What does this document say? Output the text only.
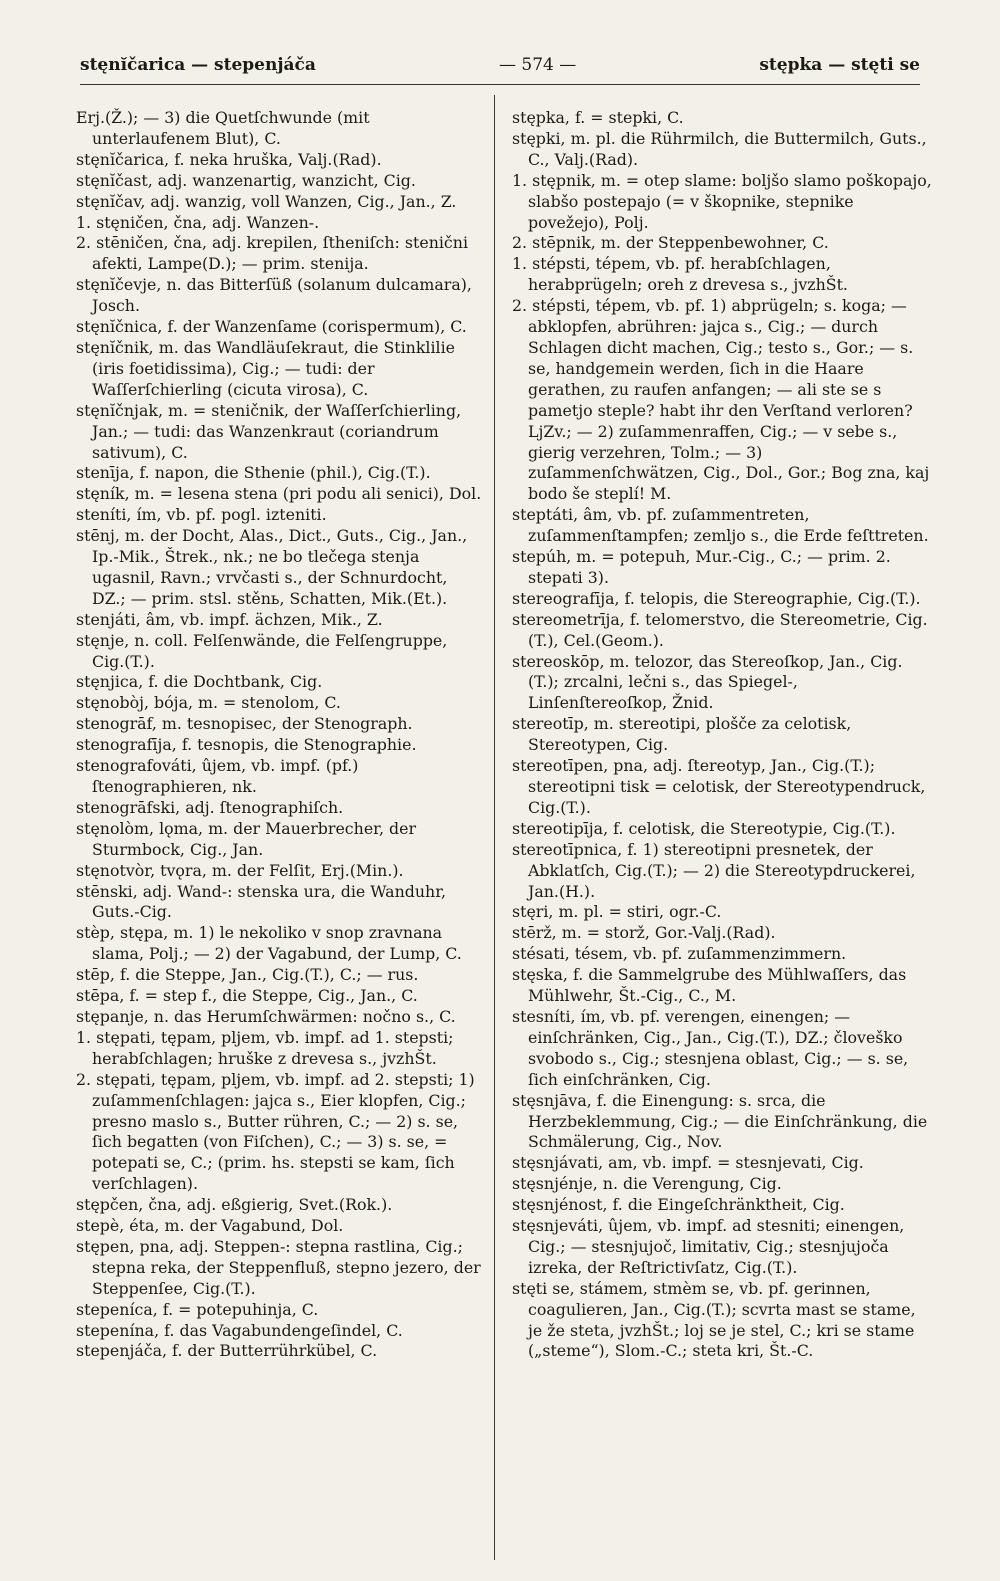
stęnĭčarica — stepenjáča	— 574 —	stępka — stęti se

Erj.(Ž.); — 3) die Quetſchwunde (mit unterlaufenem Blut), C.

stęnĭčarica, f. neka hruška, Valj.(Rad).

stęnĭčast, adj. wanzenartig, wanzicht, Cig.

stęnĭčav, adj. wanzig, voll Wanzen, Cig., Jan., Z.

1. stęničen, čna, adj. Wanzen-.

2. stēničen, čna, adj. krepilen, ſtheniſch: stenični afekti, Lampe(D.); — prim. stenija.

stęnĭčevje, n. das Bitterſüß (solanum dulcamara), Josch.

stęnĭčnica, f. der Wanzenſame (corispermum), C.

stęnĭčnik, m. das Wandläuſekraut, die Stinklilie (iris foetidissima), Cig.; — tudi: der Waſſerſchierling (cicuta virosa), C.

stęnĭčnjak, m. = steničnik, der Waſſerſchierling, Jan.; — tudi: das Wanzenkraut (coriandrum sativum), C.

stenīja, f. napon, die Sthenie (phil.), Cig.(T.).

stęník, m. = lesena stena (pri podu ali senici), Dol.

steníti, ím, vb. pf. pogl. izteniti.

stēnj, m. der Docht, Alas., Dict., Guts., Cig., Jan., Ip.-Mik., Štrek., nk.; ne bo tlečega stenja ugasnil, Ravn.; vrvčasti s., der Schnurdocht, DZ.; — prim. stsl. stěnь, Schatten, Mik.(Et.).

stenjáti, âm, vb. impf. ächzen, Mik., Z.

stęnje, n. coll. Felſenwände, die Felſengruppe, Cig.(T.).

stęnjica, f. die Dochtbank, Cig.

stęnobòj, bója, m. = stenolom, C.

stenogrāf, m. tesnopisec, der Stenograph.

stenografīja, f. tesnopis, die Stenographie.

stenografováti, ûjem, vb. impf. (pf.) ſtenographieren, nk.

stenogrāfski, adj. ſtenographiſch.

stęnolòm, lǫma, m. der Mauerbrecher, der Sturmbock, Cig., Jan.

stęnotvòr, tvǫra, m. der Felſit, Erj.(Min.).

stēnski, adj. Wand-: stenska ura, die Wanduhr, Guts.-Cig.

stèp, stępa, m. 1) le nekoliko v snop zravnana slama, Polj.; — 2) der Vagabund, der Lump, C.

stēp, f. die Steppe, Jan., Cig.(T.), C.; — rus.

stēpa, f. = step f., die Steppe, Cig., Jan., C.

stępanje, n. das Herumſchwärmen: nočno s., C.

1. stępati, tępam, pljem, vb. impf. ad 1. stepsti; herabſchlagen; hruške z drevesa s., jvzhŠt.

2. stępati, tępam, pljem, vb. impf. ad 2. stepsti; 1) zuſammenſchlagen: jajca s., Eier klopfen, Cig.; presno maslo s., Butter rühren, C.; — 2) s. se, ſich begatten (von Fiſchen), C.; — 3) s. se, = potepati se, C.; (prim. hs. stepsti se kam, ſich verſchlagen).

stępčen, čna, adj. eßgierig, Svet.(Rok.).

stepè, éta, m. der Vagabund, Dol.

stępen, pna, adj. Steppen-: stepna rastlina, Cig.; stepna reka, der Steppenfluß, stepno jezero, der Steppenſee, Cig.(T.).

stepeníca, f. = potepuhinja, C.

stepenína, f. das Vagabundengeſindel, C.

stepenjáča, f. der Butterrührkübel, C.

stępka, f. = stepki, C.

stępki, m. pl. die Rührmilch, die Buttermilch, Guts., C., Valj.(Rad).

1. stępnik, m. = otep slame: boljšo slamo poškopajo, slabšo postepajo (= v škopnike, stepnike povežejo), Polj.

2. stēpnik, m. der Steppenbewohner, C.

1. stépsti, tépem, vb. pf. herabſchlagen, herabprügeln; oreh z drevesa s., jvzhŠt.

2. stépsti, tépem, vb. pf. 1) abprügeln; s. koga; — abklopfen, abrühren: jajca s., Cig.; — durch Schlagen dicht machen, Cig.; testo s., Gor.; — s. se, handgemein werden, ſich in die Haare gerathen, zu raufen anfangen; — ali ste se s pametjo steple? habt ihr den Verſtand verloren? LjZv.; — 2) zuſammenraffen, Cig.; — v sebe s., gierig verzehren, Tolm.; — 3) zuſammenſchwätzen, Cig., Dol., Gor.; Bog zna, kaj bodo še steplí! M.

steptáti, âm, vb. pf. zuſammentreten, zuſammenſtampfen; zemljo s., die Erde feſttreten.

stepúh, m. = potepuh, Mur.-Cig., C.; — prim. 2. stepati 3).

stereografīja, f. telopis, die Stereographie, Cig.(T.).

stereometrīja, f. telomerstvo, die Stereometrie, Cig.(T.), Cel.(Geom.).

stereoskōp, m. telozor, das Stereoſkop, Jan., Cig.(T.); zrcalni, lečni s., das Spiegel-, Linſenſtereoſkop, Žnid.

stereotīp, m. stereotipi, plošče za celotisk, Stereotypen, Cig.

stereotīpen, pna, adj. ſtereotyp, Jan., Cig.(T.); stereotipni tisk = celotisk, der Stereotypendruck, Cig.(T.).

stereotipīja, f. celotisk, die Stereotypie, Cig.(T.).

stereotīpnica, f. 1) stereotipni presnetek, der Abklatſch, Cig.(T.); — 2) die Stereotypdruckerei, Jan.(H.).

stęri, m. pl. = stiri, ogr.-C.

stērž, m. = storž, Gor.-Valj.(Rad).

stésati, tésem, vb. pf. zuſammenzimmern.

stęska, f. die Sammelgrube des Mühlwaſſers, das Mühlwehr, Št.-Cig., C., M.

stesníti, ím, vb. pf. verengen, einengen; — einſchränken, Cig., Jan., Cig.(T.), DZ.; človeško svobodo s., Cig.; stesnjena oblast, Cig.; — s. se, ſich einſchränken, Cig.

stęsnjāva, f. die Einengung: s. srca, die Herzbeklemmung, Cig.; — die Einſchränkung, die Schmälerung, Cig., Nov.

stęsnjávati, am, vb. impf. = stesnjevati, Cig.

stęsnjénje, n. die Verengung, Cig.

stęsnjénost, f. die Eingeſchränktheit, Cig.

stęsnjeváti, ûjem, vb. impf. ad stesniti; einengen, Cig.; — stesnjujoč, limitativ, Cig.; stesnjujoča izreka, der Reſtrictivſatz, Cig.(T.).

stęti se, stámem, stmèm se, vb. pf. gerinnen, coagulieren, Jan., Cig.(T.); scvrta mast se stame, je že steta, jvzhŠt.; loj se je stel, C.; kri se stame („steme“), Slom.-C.; steta kri, Št.-C.
